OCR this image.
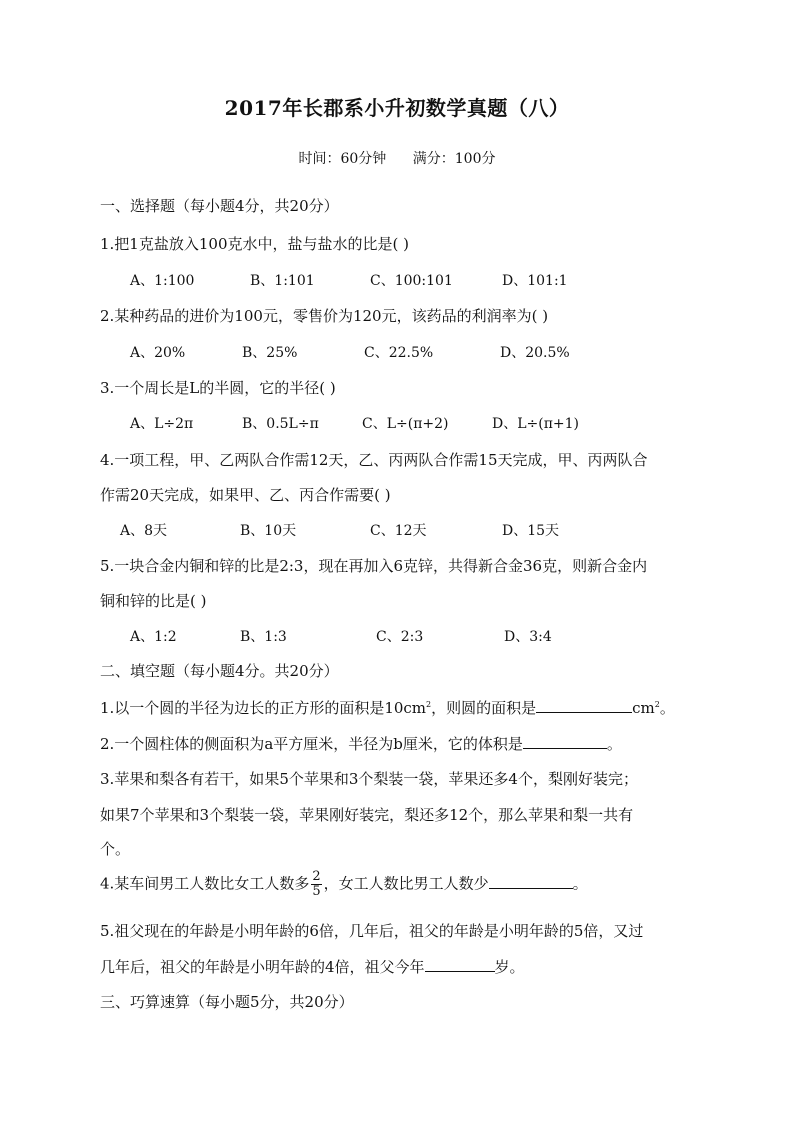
2017年长郡系小升初数学真题（八）
时间：60分钟 满分：100分
一、选择题（每小题4分，共20分）
1.把1克盐放入100克水中，盐与盐水的比是( )
A、1:100	B、1:101	C、100:101	D、101:1
2.某种药品的进价为100元，零售价为120元，该药品的利润率为( )
A、20%	B、25%	C、22.5%	D、20.5%
3.一个周长是L的半圆，它的半径( )
A、L÷2π	B、0.5L÷π	C、L÷(π+2)	D、L÷(π+1)
4.一项工程，甲、乙两队合作需12天，乙、丙两队合作需15天完成，甲、丙两队合
作需20天完成，如果甲、乙、丙合作需要( )
A、8天	B、10天	C、12天	D、15天
5.一块合金内铜和锌的比是2:3，现在再加入6克锌，共得新合金36克，则新合金内
铜和锌的比是( )
A、1:2	B、1:3	C、2:3	D、3:4
二、填空题（每小题4分。共20分）
1.以一个圆的半径为边长的正方形的面积是$10cm^2$，则圆的面积是	$cm^2$。
2.一个圆柱体的侧面积为a平方厘米，半径为b厘米，它的体积是	。
3.苹果和梨各有若干，如果5个苹果和3个梨装一袋，苹果还多4个，梨刚好装完；
如果7个苹果和3个梨装一袋，苹果刚好装完，梨还多12个，那么苹果和梨一共有
个。
4.某车间男工人数比女工人数多 $\frac{2}{5}$ ，女工人数比男工人数少	。
5.祖父现在的年龄是小明年龄的6倍，几年后，祖父的年龄是小明年龄的5倍，又过
几年后，祖父的年龄是小明年龄的4倍，祖父今年	岁。
三、巧算速算（每小题5分，共20分）
